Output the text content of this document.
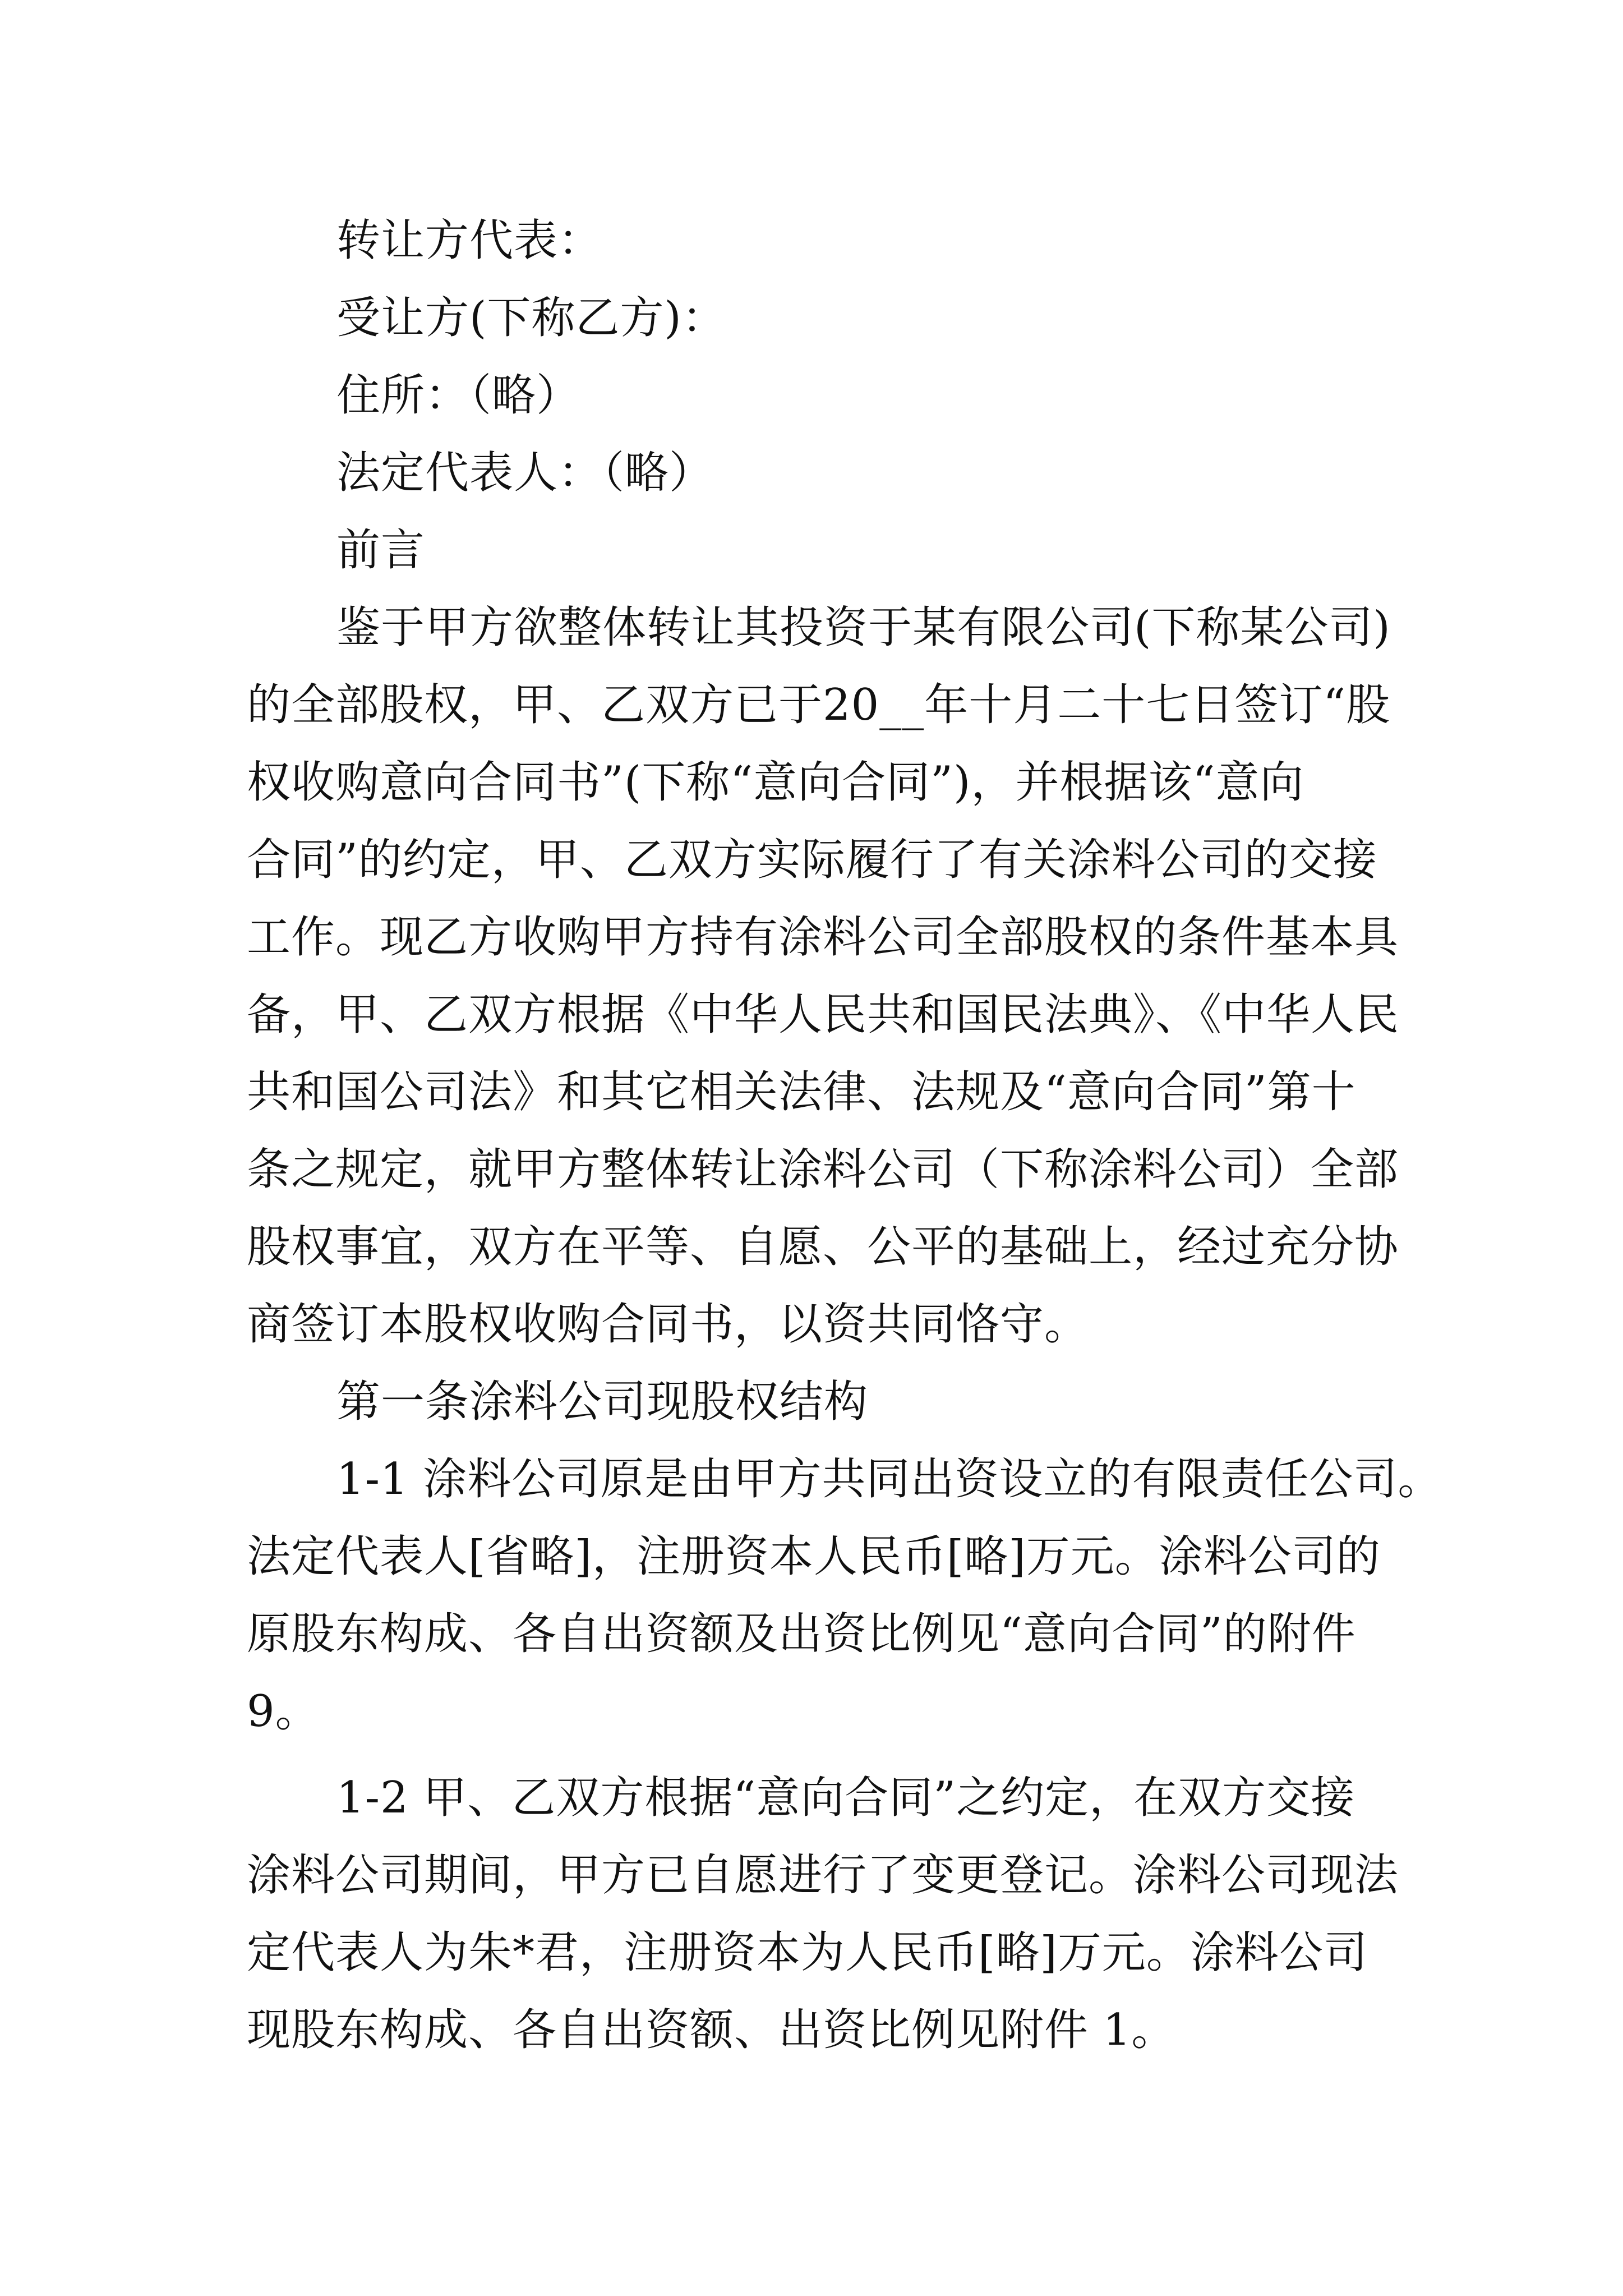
转让方代表：
受让方(下称乙方)：
住所：（略）
法定代表人：（略）
前言
鉴于甲方欲整体转让其投资于某有限公司(下称某公司)
的全部股权，甲、乙双方已于20__年十月二十七日签订“股
权收购意向合同书”(下称“意向合同”)，并根据该“意向
合同”的约定，甲、乙双方实际履行了有关涂料公司的交接
工作。现乙方收购甲方持有涂料公司全部股权的条件基本具
备，甲、乙双方根据《中华人民共和国民法典》、《中华人民
共和国公司法》和其它相关法律、法规及“意向合同”第十
条之规定，就甲方整体转让涂料公司（下称涂料公司）全部
股权事宜，双方在平等、自愿、公平的基础上，经过充分协
商签订本股权收购合同书，以资共同恪守。
第一条涂料公司现股权结构
1-1 涂料公司原是由甲方共同出资设立的有限责任公司。
法定代表人[省略]，注册资本人民币[略]万元。涂料公司的
原股东构成、各自出资额及出资比例见“意向合同”的附件
9。
1-2 甲、乙双方根据“意向合同”之约定，在双方交接
涂料公司期间，甲方已自愿进行了变更登记。涂料公司现法
定代表人为朱*君，注册资本为人民币[略]万元。涂料公司
现股东构成、各自出资额、出资比例见附件 1。
